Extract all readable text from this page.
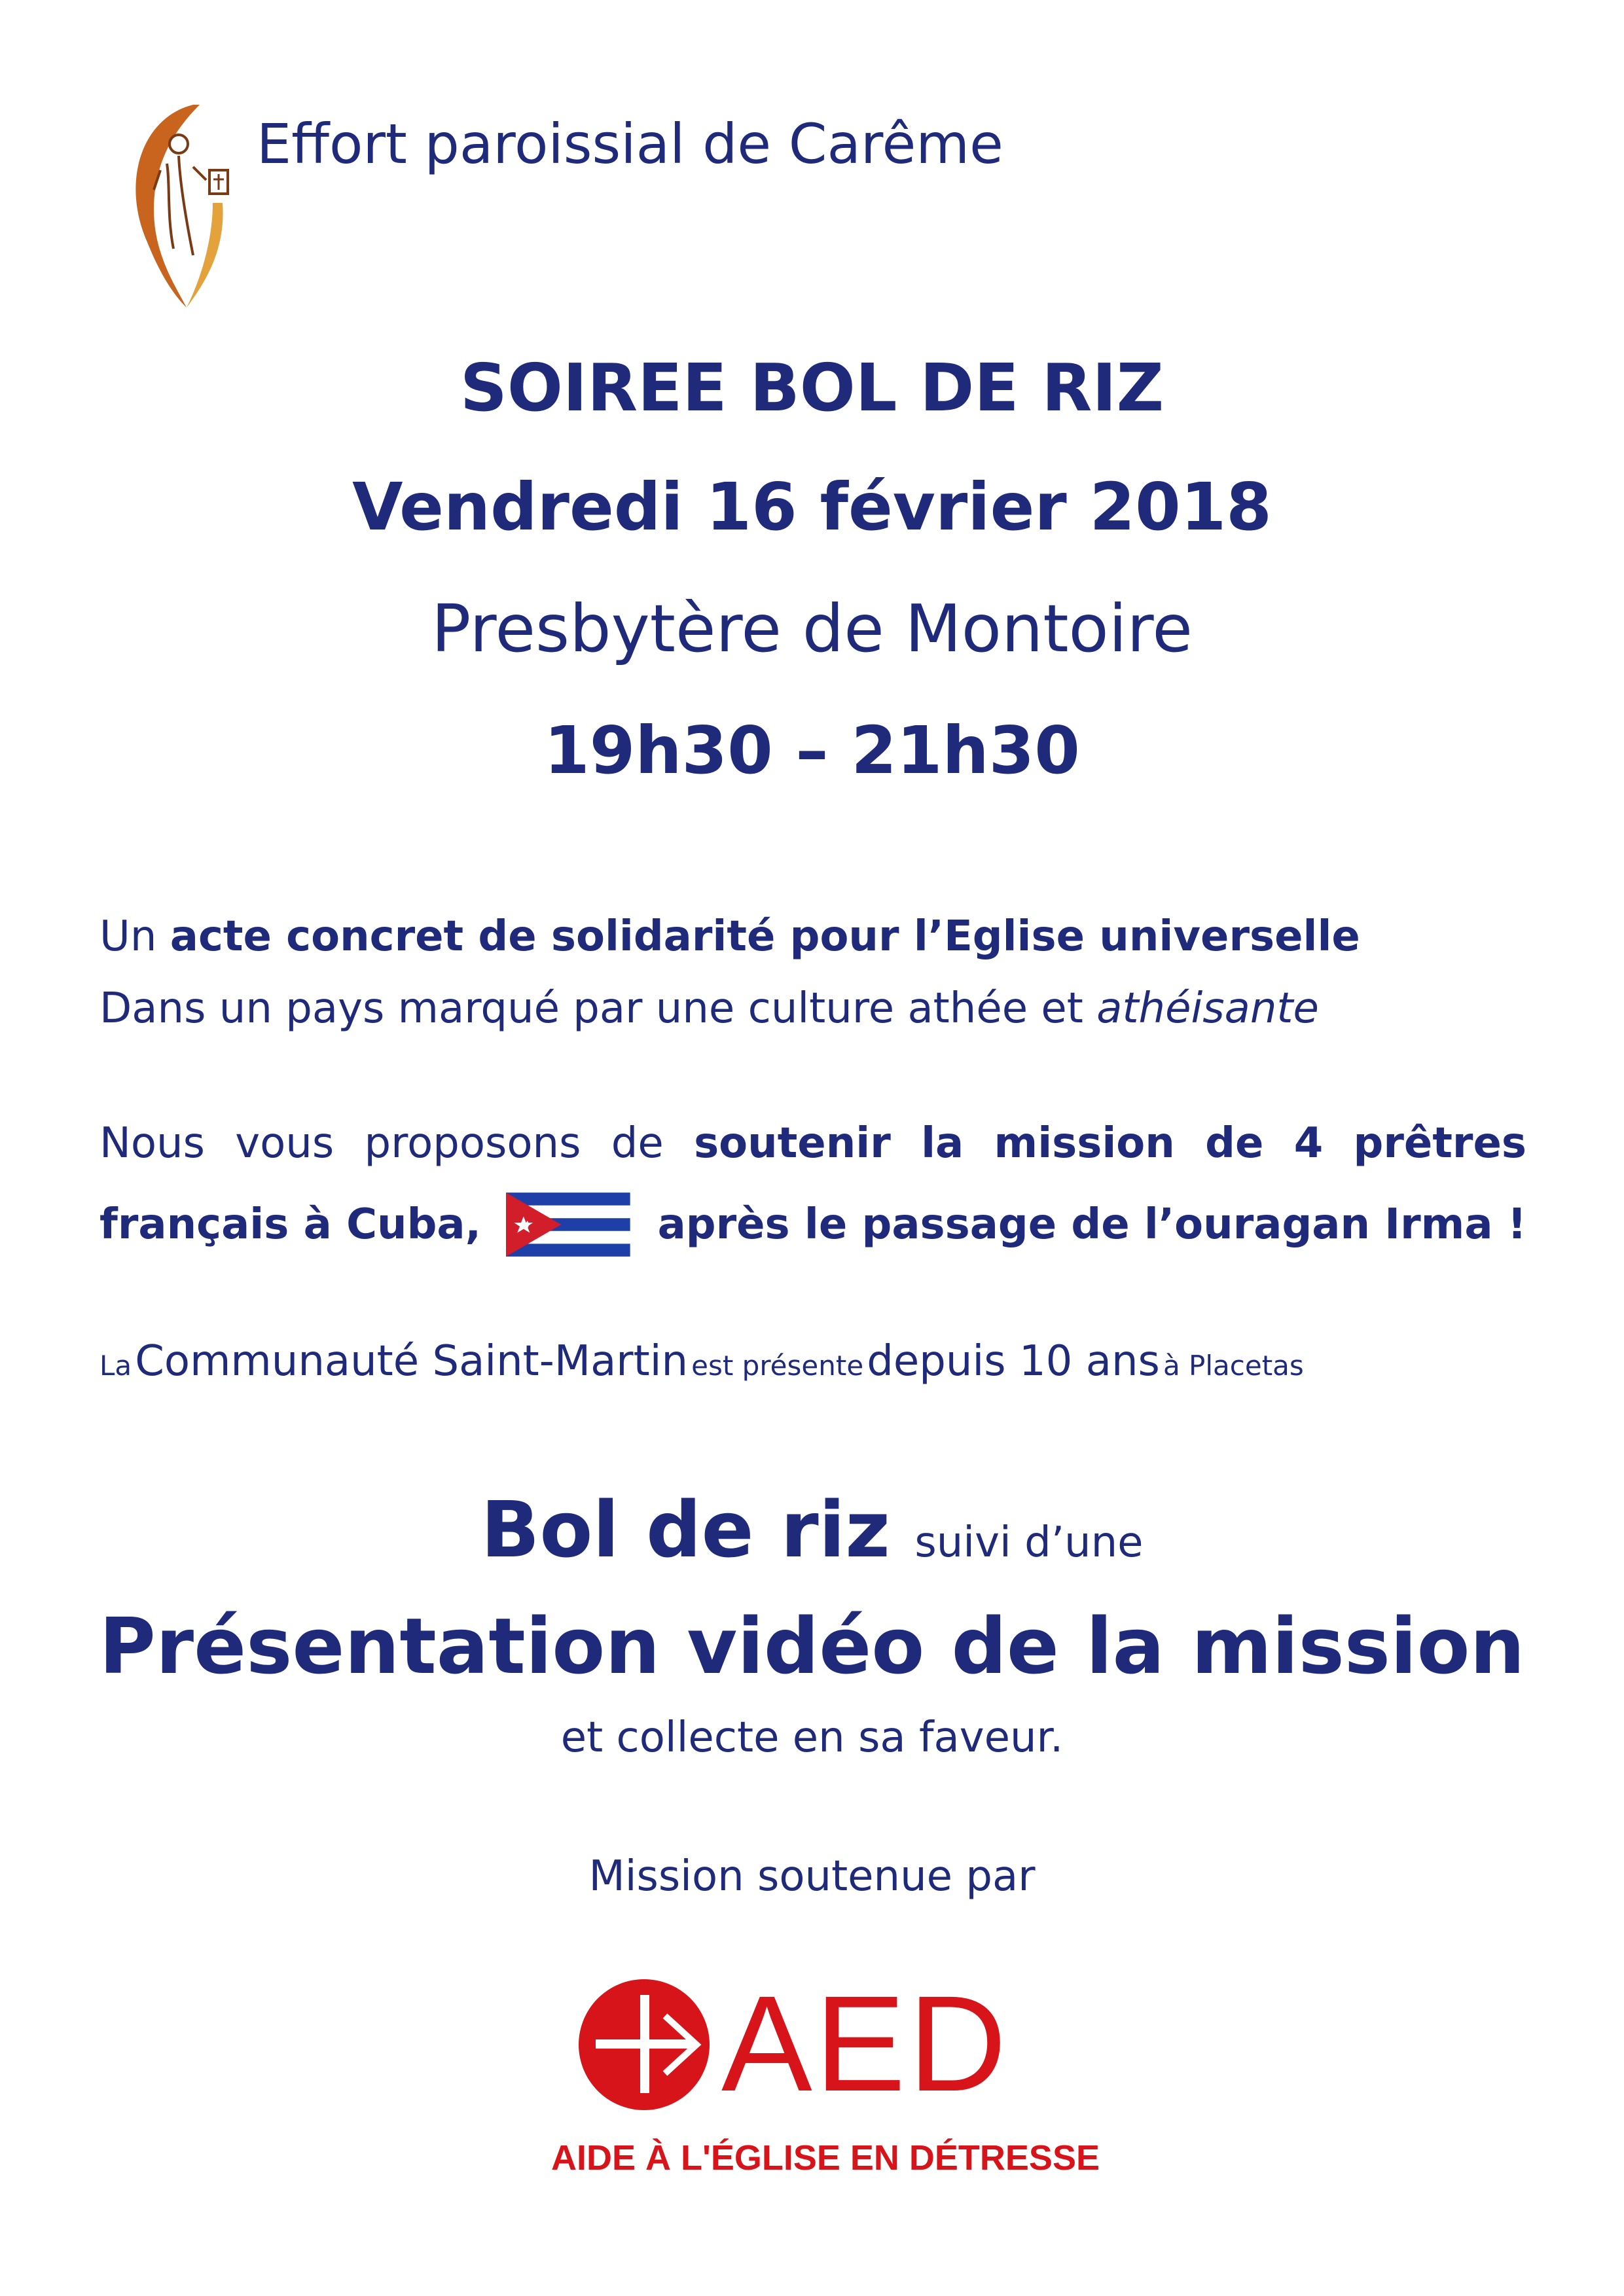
Effort paroissial de Carême
SOIREE BOL DE RIZ
Vendredi 16 février 2018
Presbytère de Montoire
19h30 – 21h30
Un acte concret de solidarité pour l’Eglise universelle
Dans un pays marqué par une culture athée et athéisante
Nous vous proposons de soutenir la mission de 4 prêtres
français à Cuba,	après le passage de l’ouragan Irma !
La Communauté Saint-Martin est présente depuis 10 ans à Placetas
Bol de riz suivi d’une
Présentation vidéo de la mission
et collecte en sa faveur.
Mission soutenue par
AED
AIDE À L'ÉGLISE EN DÉTRESSE
